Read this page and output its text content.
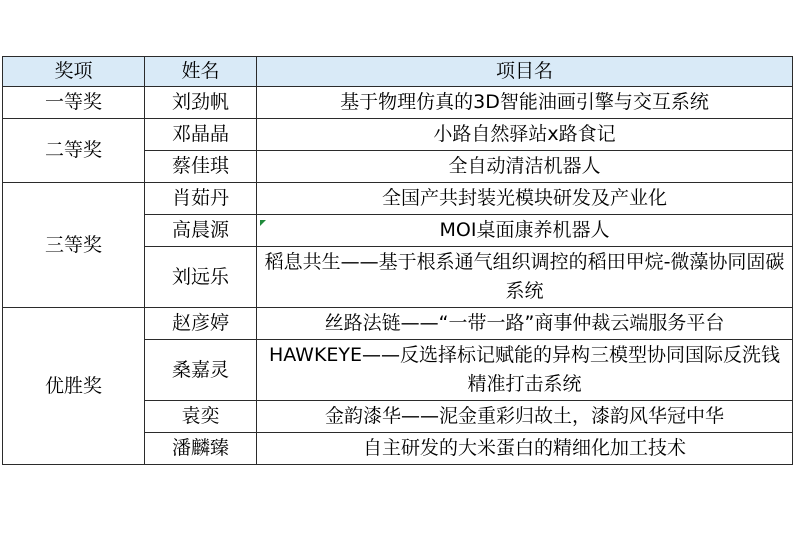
奖项	姓名	项目名
一等奖	刘劲帆	基于物理仿真的3D智能油画引擎与交互系统
二等奖	邓晶晶	小路自然驿站x路食记
	蔡佳琪	全自动清洁机器人
三等奖	肖茹丹	全国产共封装光模块研发及产业化
	高晨源	MOI桌面康养机器人
	刘远乐	稻息共生——基于根系通气组织调控的稻田甲烷-微藻协同固碳系统
优胜奖	赵彦婷	丝路法链——“一带一路”商事仲裁云端服务平台
	桑嘉灵	HAWKEYE——反选择标记赋能的异构三模型协同国际反洗钱精准打击系统
	袁奕	金韵漆华——泥金重彩归故土，漆韵风华冠中华
	潘麟臻	自主研发的大米蛋白的精细化加工技术
